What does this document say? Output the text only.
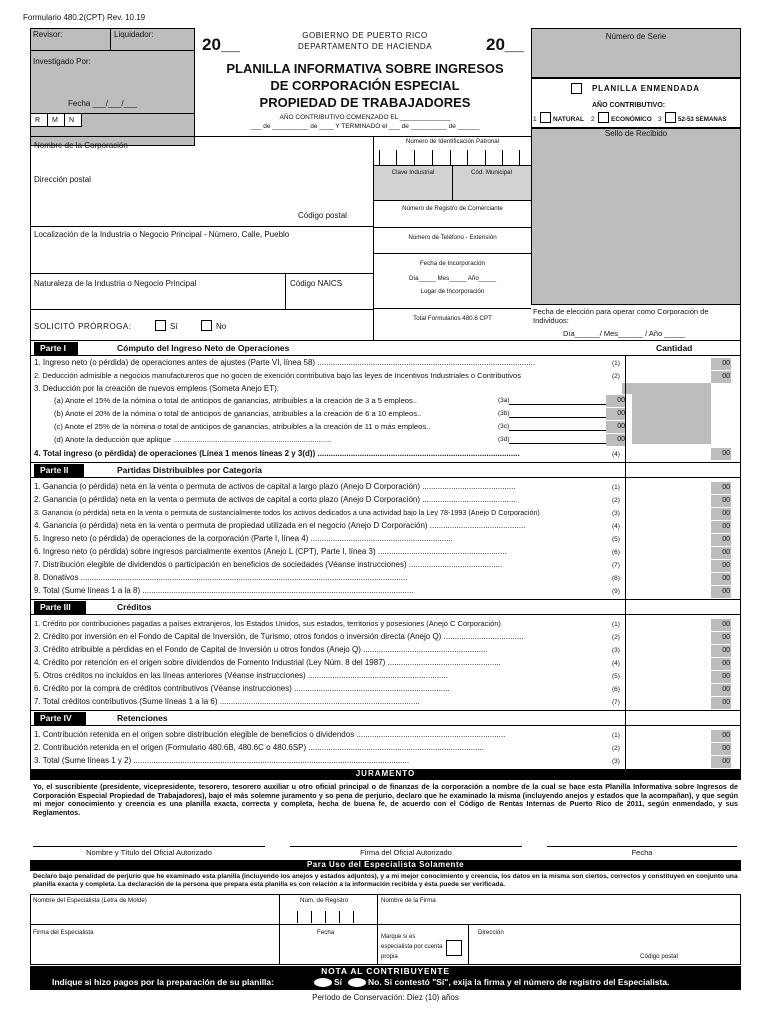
Formulario 480.2(CPT) Rev. 10.19
Revisor:	Liquidador:
Investigado Por:
Fecha ___/___/___
R M N
20__	20__
GOBIERNO DE PUERTO RICO
DEPARTAMENTO DE HACIENDA
PLANILLA INFORMATIVA SOBRE INGRESOS
DE CORPORACIÓN ESPECIAL
PROPIEDAD DE TRABAJADORES
AÑO CONTRIBUTIVO COMENZADO EL ______________
___ de __________ de ____ Y TERMINADO el ___ de __________ de ______
Número de Serie
PLANILLA ENMENDADA
AÑO CONTRIBUTIVO:
1	NATURAL 2	ECONÓMICO 3	52-53 SEMANAS
Sello de Recibido
Nombre de la Corporación
Dirección postal
Código postal
Localización de la Industria o Negocio Principal - Número, Calle, Pueblo
Naturaleza de la Industria o Negocio Principal	Código NAICS
SOLICITÓ PRÓRROGA:	Sí	No
Número de Identificación Patronal
Clave Industrial	Cód. Municipal
Número de Registro de Comerciante
Número de Teléfono - Extensión
Fecha de Incorporación
Día_____ Mes_____ Año_____
Lugar de Incorporación
Total Formularios 480.6 CPT
Fecha de elección para operar como Corporación de Individuos:
Día______/ Mes______ / Año _____
Parte I	Cómputo del Ingreso Neto de Operaciones	Cantidad
1. Ingreso neto (o pérdida) de operaciones antes de ajustes (Parte VI, línea 58) ..................................................................................................	(1)	00
2. Deducción admisible a negocios manufactureros que no gocen de exención contributiva bajo las leyes de Incentivos Industriales o Contributivos	(2)	00
3. Deducción por la creación de nuevos empleos (Someta Anejo ET):
(a) Anote el 15% de la nómina o total de anticipos de ganancias, atribuibles a la creación de 3 a 5 empleos..	(3a)	00
(b) Anote el 20% de la nómina o total de anticipos de ganancias, atribuibles a la creación de 6 a 10 empleos..	(3b)	00
(c) Anote el 25% de la nómina o total de anticipos de ganancias, atribuibles a la creación de 11 o más empleos..	(3c)	00
(d) Anote la deducción que aplique ...........................................................................	(3d)	00
4. Total ingreso (o pérdida) de operaciones (Línea 1 menos líneas 2 y 3(d)) ...........................................................................................	(4)	00
Parte II	Partidas Distribuibles por Categoría
1. Ganancia (o pérdida) neta en la venta o permuta de activos de capital a largo plazo (Anejo D Corporación) ..........................................	(1)	00
2. Ganancia (o pérdida) neta en la venta o permuta de activos de capital a corto plazo (Anejo D Corporación) ..........................................	(2)	00
3. Ganancia (o pérdida) neta en la venta o permuta de sustancialmente todos los activos dedicados a una actividad bajo la Ley 78-1993 (Anejo D Corporación)	(3)	00
4. Ganancia (o pérdida) neta en la venta o permuta de propiedad utilizada en el negocio (Anejo D Corporación) ...........................................	(4)	00
5. Ingreso neto (o pérdida) de operaciones de la corporación (Parte I, línea 4) ................................................................	(5)	00
6. Ingreso neto (o pérdida) sobre ingresos parcialmente exentos (Anejo L (CPT), Parte I, línea 3) ..........................................................	(6)	00
7. Distribución elegible de dividendos o participación en beneficios de sociedades (Véanse instrucciones) ..........................................	(7)	00
8. Donativos ...................................................................................................................................................	(8)	00
9. Total (Sume líneas 1 a la 8) ..........................................................................................................................	(9)	00
Parte III	Créditos
1. Crédito por contribuciones pagadas a países extranjeros, los Estados Unidos, sus estados, territorios y posesiones (Anejo C Corporación)	(1)	00
2. Crédito por inversión en el Fondo de Capital de Inversión, de Turismo, otros fondos o inversión directa (Anejo Q) ....................................	(2)	00
3. Crédito atribuible a pérdidas en el Fondo de Capital de Inversión u otros fondos (Anejo Q) ........................................................	(3)	00
4. Crédito por retención en el origen sobre dividendos de Fomento Industrial (Ley Núm. 8 del 1987) ...................................................	(4)	00
5. Otros créditos no incluidos en las líneas anteriores (Véanse instrucciones) ...............................................................	(5)	00
6. Crédito por la compra de créditos contributivos (Véanse instrucciones) ......................................................................	(6)	00
7. Total créditos contributivos (Sume líneas 1 a la 6) ..........................................................................................	(7)	00
Parte IV	Retenciones
1. Contribución retenida en el origen sobre distribución elegible de beneficios o dividendos ...................................................................	(1)	00
2. Contribución retenida en el origen (Formulario 480.6B, 480.6C o 480.6SP) ...............................................................................	(2)	00
3. Total (Sume líneas 1 y 2) ............................................................................................................................	(3)	00
JURAMENTO
Yo, el suscribiente (presidente, vicepresidente, tesorero, tesorero auxiliar u otro oficial principal o de finanzas de la corporación a nombre de la cual se hace esta Planilla Informativa sobre Ingresos de Corporación Especial Propiedad de Trabajadores), bajo el más solemne juramento y so pena de perjurio, declaro que he examinado la misma (incluyendo anejos y estados que la acompañan), y que según mi mejor conocimiento y creencia es una planilla exacta, correcta y completa, hecha de buena fe, de acuerdo con el Código de Rentas Internas de Puerto Rico de 2011, según enmendado, y sus Reglamentos.
Nombre y Título del Oficial Autorizado	Firma del Oficial Autorizado	Fecha
Para Uso del Especialista Solamente
Declaro bajo penalidad de perjurio que he examinado esta planilla (incluyendo los anejos y estados adjuntos), y a mi mejor conocimiento y creencia, los datos en la misma son ciertos, correctos y constituyen en conjunto una planilla exacta y completa. La declaración de la persona que prepara esta planilla es con relación a la información recibida y ésta puede ser verificada.
Nombre del Especialista (Letra de Molde)	Núm. de Registro	Nombre de la Firma
Firma del Especialista	Fecha
Marque si es especialista por cuenta propia
Dirección
Código postal
NOTA AL CONTRIBUYENTE
Indique si hizo pagos por la preparación de su planilla:	Sí	No. Si contestó "Sí", exija la firma y el número de registro del Especialista.
Período de Conservación: Diez (10) años
